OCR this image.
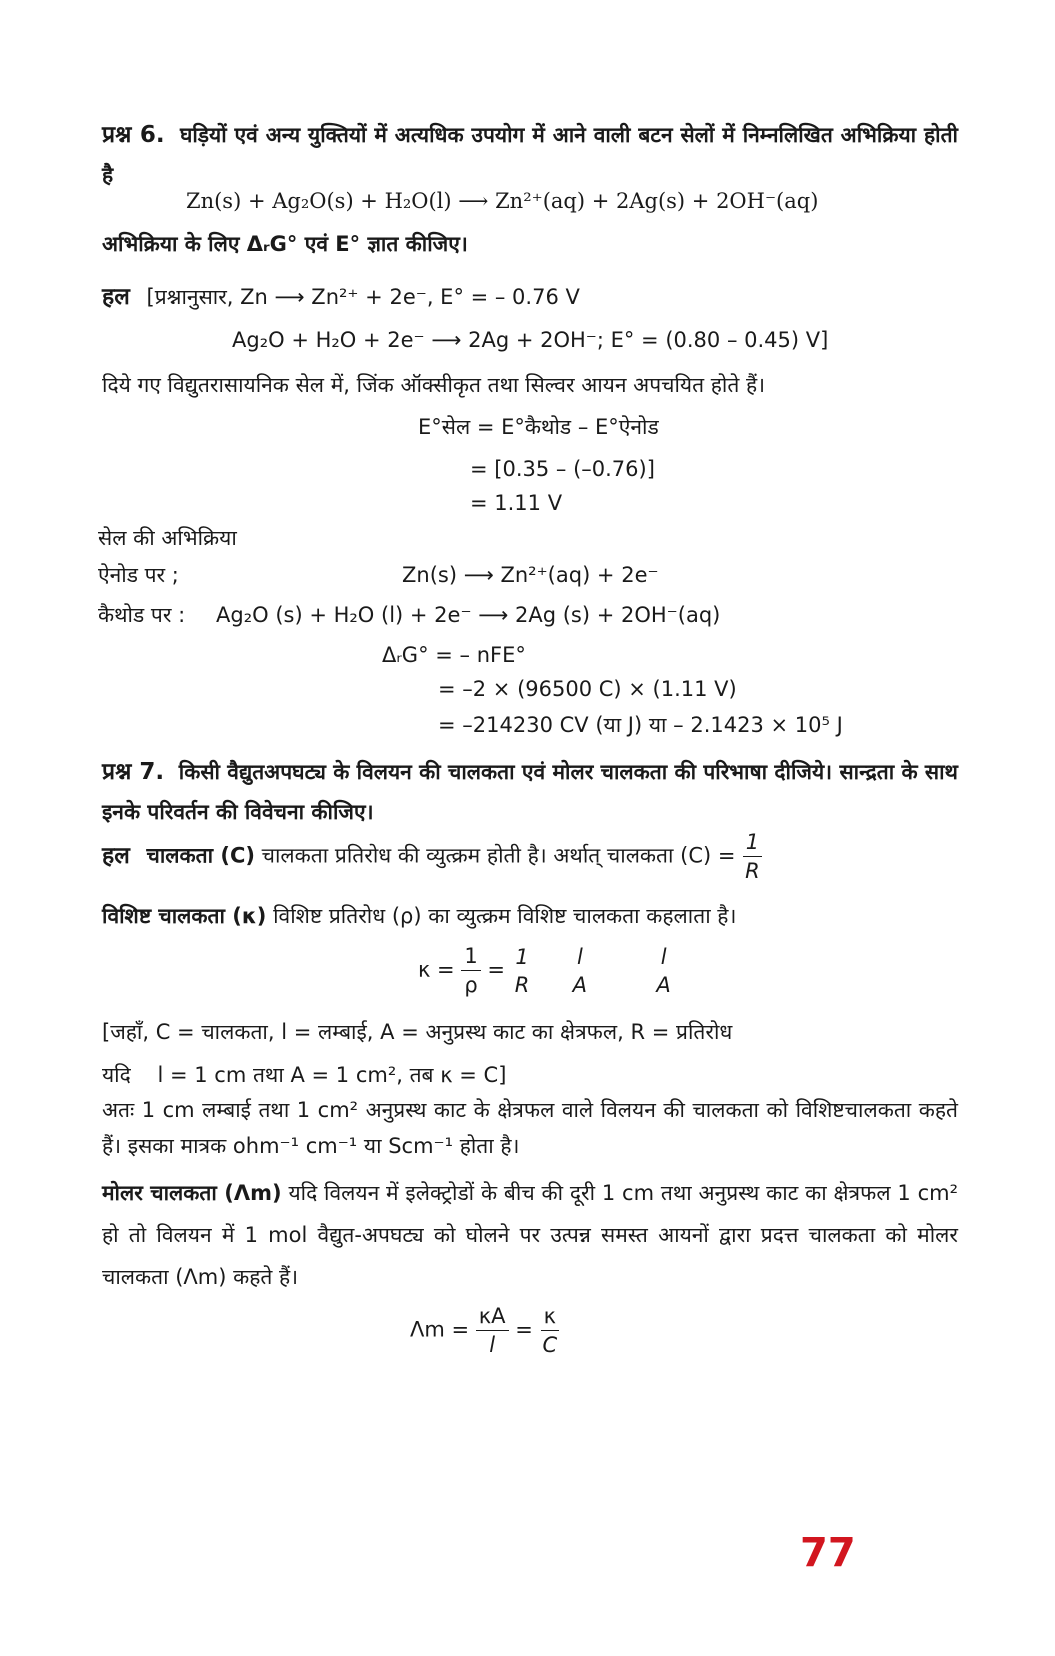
प्रश्न 6. घड़ियों एवं अन्य युक्तियों में अत्यधिक उपयोग में आने वाली बटन सेलों में निम्नलिखित अभिक्रिया होती है
Zn(s) + Ag₂O(s) + H₂O(l) ⟶ Zn²⁺(aq) + 2Ag(s) + 2OH⁻(aq)
अभिक्रिया के लिए ΔᵣG° एवं E° ज्ञात कीजिए।
हल [प्रश्नानुसार, Zn ⟶ Zn²⁺ + 2e⁻, E° = – 0.76 V
Ag₂O + H₂O + 2e⁻ ⟶ 2Ag + 2OH⁻; E° = (0.80 – 0.45) V]
दिये गए विद्युतरासायनिक सेल में, जिंक ऑक्सीकृत तथा सिल्वर आयन अपचयित होते हैं।
E°सेल = E°कैथोड – E°ऐनोड
= [0.35 – (–0.76)]
= 1.11 V
सेल की अभिक्रिया
ऐनोड पर ;	Zn(s) ⟶ Zn²⁺(aq) + 2e⁻
कैथोड पर : Ag₂O (s) + H₂O (l) + 2e⁻ ⟶ 2Ag (s) + 2OH⁻(aq)
ΔᵣG° = – nFE°
= –2 × (96500 C) × (1.11 V)
= –214230 CV (या J) या – 2.1423 × 10⁵ J
प्रश्न 7. किसी वैद्युतअपघट्य के विलयन की चालकता एवं मोलर चालकता की परिभाषा दीजिये। सान्द्रता के साथ इनके परिवर्तन की विवेचना कीजिए।
हल चालकता (C) चालकता प्रतिरोध की व्युत्क्रम होती है। अर्थात् चालकता $(C) = \frac{1}{R}$
विशिष्ट चालकता (κ) विशिष्ट प्रतिरोध (ρ) का व्युत्क्रम विशिष्ट चालकता कहलाता है।
$\kappa = \frac{1}{\rho}$ =
1
R

l
A

l
A
[जहाँ, C = चालकता, l = लम्बाई, A = अनुप्रस्थ काट का क्षेत्रफल, R = प्रतिरोध
यदि    l = 1 cm तथा A = 1 cm², तब κ = C]
अतः 1 cm लम्बाई तथा 1 cm² अनुप्रस्थ काट के क्षेत्रफल वाले विलयन की चालकता को विशिष्टचालकता कहते हैं। इसका मात्रक ohm⁻¹ cm⁻¹ या Scm⁻¹ होता है।
मोलर चालकता (Λm) यदि विलयन में इलेक्ट्रोडों के बीच की दूरी 1 cm तथा अनुप्रस्थ काट का क्षेत्रफल 1 cm² हो तो विलयन में 1 mol वैद्युत-अपघट्य को घोलने पर उत्पन्न समस्त आयनों द्वारा प्रदत्त चालकता को मोलर चालकता (Λm) कहते हैं।
$\Lambda m = \frac{\kappa A}{l} = \frac{\kappa}{C}$
77
